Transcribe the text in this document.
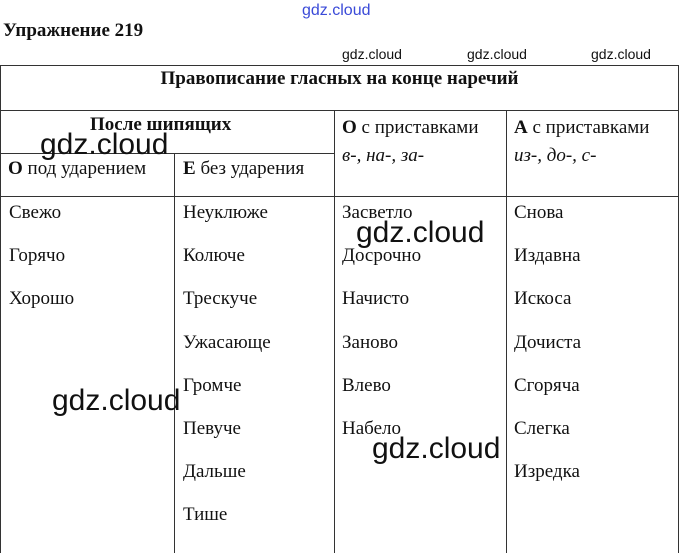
gdz.cloud
gdz.cloud	gdz.cloud	gdz.cloud
Упражнение 219
Правописание гласных на конце наречий
После шипящих
О под ударением Е без ударения
О с приставками
в-, на-, за-
А с приставками
из-, до-, с-
Свежо
Горячо
Хорошо
Неуклюже
Колюче
Трескуче
Ужасающе
Громче
Певуче
Дальше
Тише
Засветло
Досрочно
Начисто
Заново
Влево
Набело
Снова
Издавна
Искоса
Дочиста
Сгоряча
Слегка
Изредка
gdz.cloud
gdz.cloud
gdz.cloud
gdz.cloud
